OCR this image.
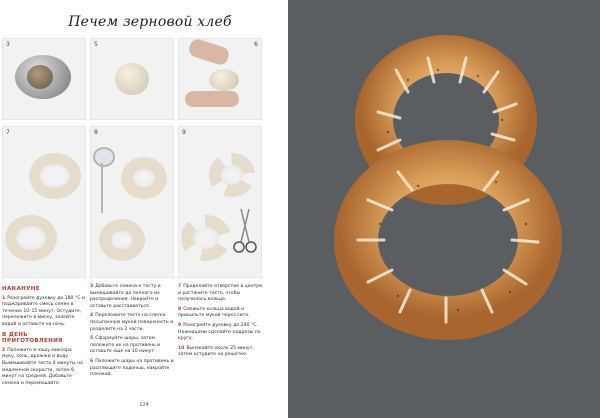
Печем зерновой хлеб
3	5	6
7	8	9
НАКАНУНЕ

1 Разогрейте духовку до 180 °С и поджаривайте смесь семян в течение 10–15 минут. Остудите, переложите в миску, залейте водой и оставьте на ночь.

В ДЕНЬ ПРИГОТОВЛЕНИЯ

2 Положите в чашу миксера муку, соль, дрожжи и воду. Вымешивайте тесто 4 минуты на медленной скорости, затем 6 минут на средней. Добавьте семена и перемешайте.

3 Добавьте семена к тесту и вымешивайте до полного их распределения. Накройте и оставьте расстаиваться.

4 Переложите тесто на слегка посыпанную мукой поверхность и разделите на 2 части.

5 Сформуйте шары, затем положите их на противень и оставьте еще на 10 минут.

6 Положите шары на противень и расплющите ладонью, накройте пленкой.

7 Проделайте отверстие в центре и растяните тесто, чтобы получилось кольцо.

8 Смажьте кольца водой и присыпьте мукой через сито.

9 Разогрейте духовку до 240 °С. Ножницами сделайте надрезы по кругу.

10 Выпекайте около 25 минут, затем остудите на решетке.

124
